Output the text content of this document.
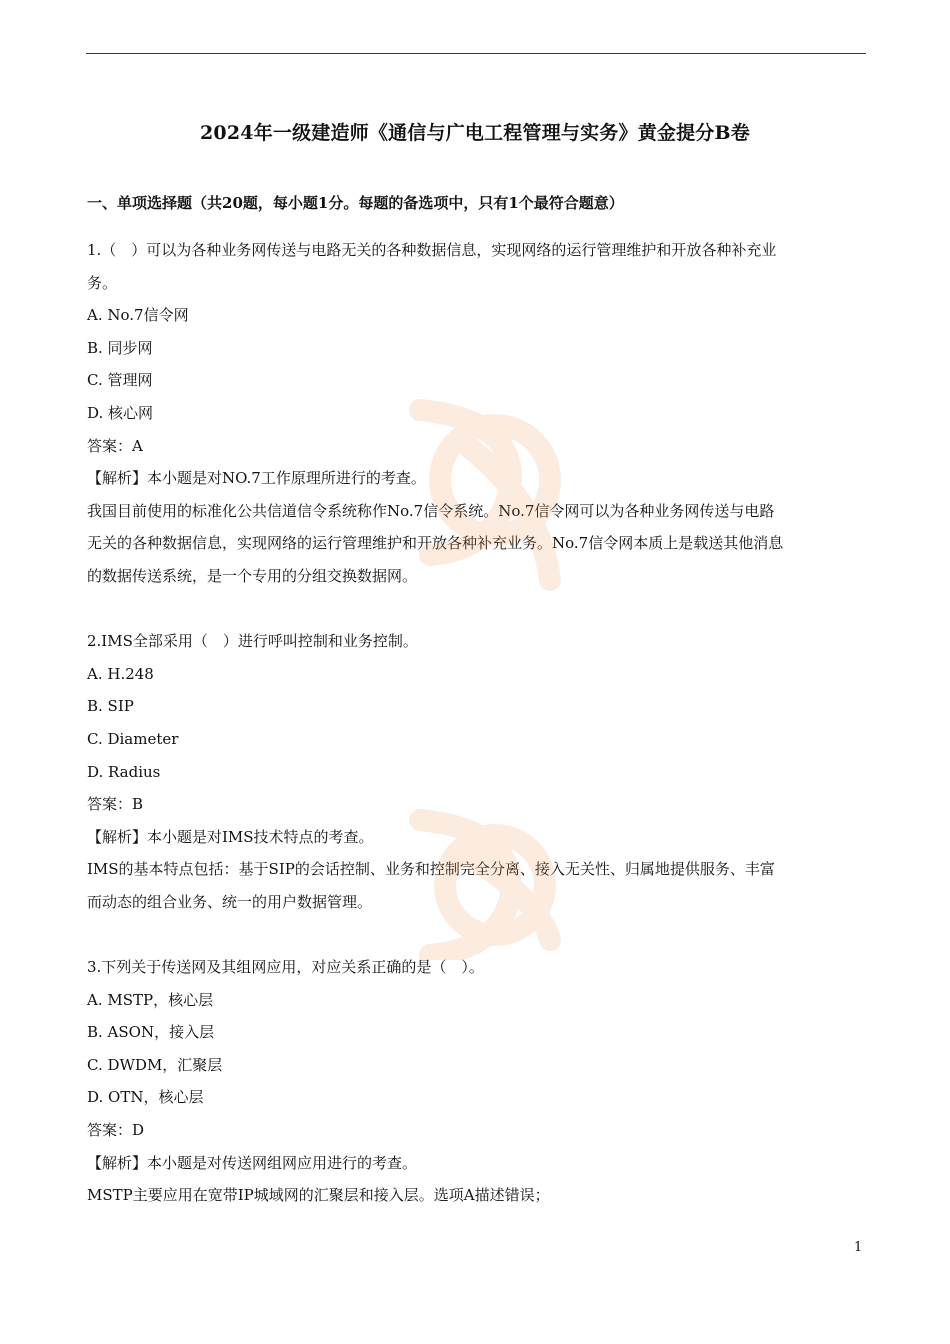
2024年一级建造师《通信与广电工程管理与实务》黄金提分B卷
一、单项选择题（共20题，每小题1分。每题的备选项中，只有1个最符合题意）

1.（　）可以为各种业务网传送与电路无关的各种数据信息，实现网络的运行管理维护和开放各种补充业

务。

A. No.7信令网

B. 同步网

C. 管理网

D. 核心网

答案：A

【解析】本小题是对NO.7工作原理所进行的考查。

我国目前使用的标准化公共信道信令系统称作No.7信令系统。No.7信令网可以为各种业务网传送与电路

无关的各种数据信息，实现网络的运行管理维护和开放各种补充业务。No.7信令网本质上是载送其他消息

的数据传送系统，是一个专用的分组交换数据网。

2.IMS全部采用（　）进行呼叫控制和业务控制。

A. H.248

B. SIP

C. Diameter

D. Radius

答案：B

【解析】本小题是对IMS技术特点的考查。

IMS的基本特点包括：基于SIP的会话控制、业务和控制完全分离、接入无关性、归属地提供服务、丰富

而动态的组合业务、统一的用户数据管理。

3.下列关于传送网及其组网应用，对应关系正确的是（　）。

A. MSTP，核心层

B. ASON，接入层

C. DWDM，汇聚层

D. OTN，核心层

答案：D

【解析】本小题是对传送网组网应用进行的考查。

MSTP主要应用在宽带IP城域网的汇聚层和接入层。选项A描述错误；

1
